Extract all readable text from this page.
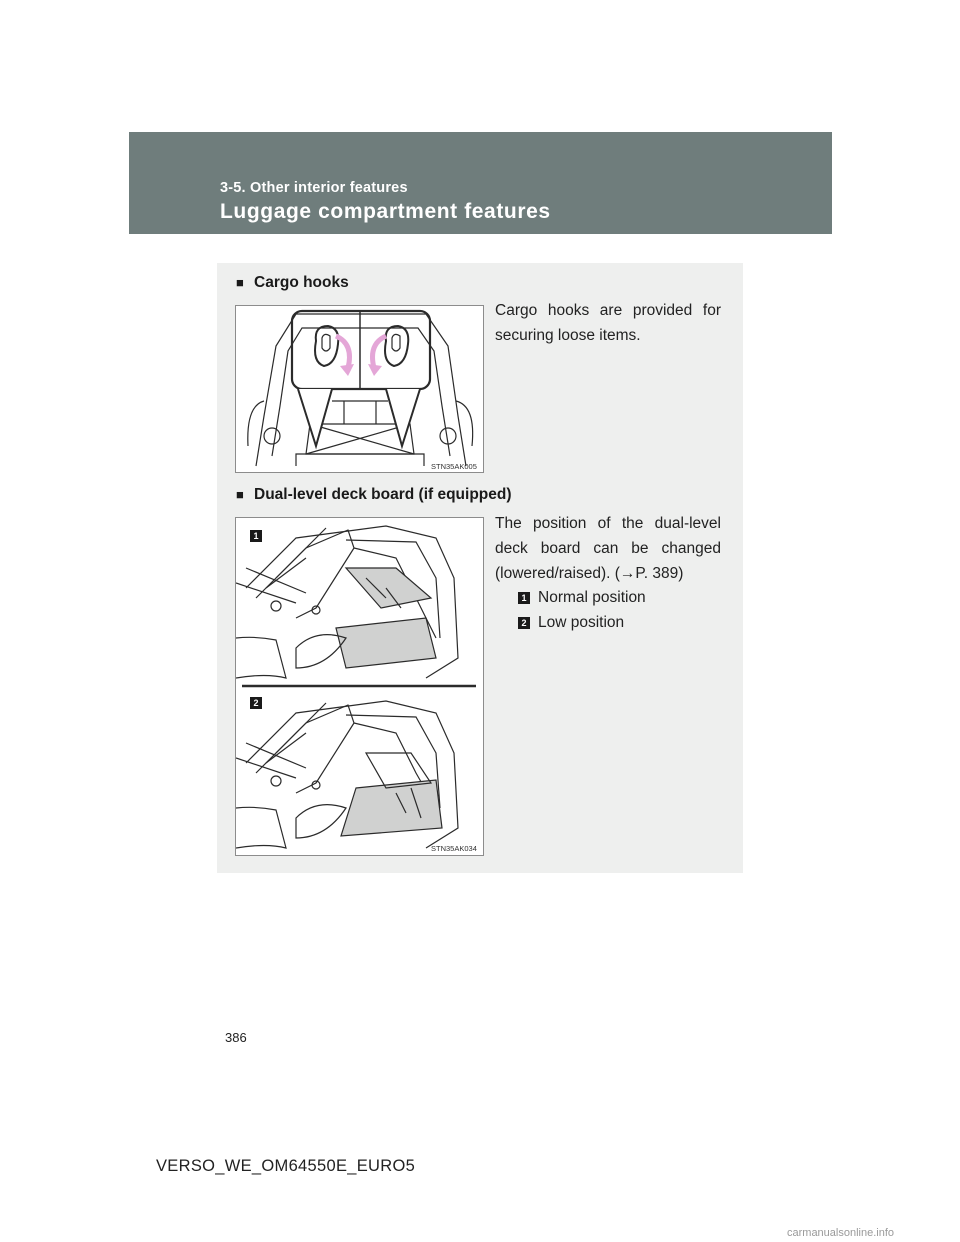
3-5. Other interior features
Luggage compartment features
■ Cargo hooks
Cargo hooks are provided for securing loose items.
STN35AK005
■ Dual-level deck board (if equipped)
The position of the dual-level deck board can be changed (lowered/raised). (→P. 389)
1 Normal position
2 Low position
1
2
STN35AK034
386
VERSO_WE_OM64550E_EURO5
carmanualsonline.info
